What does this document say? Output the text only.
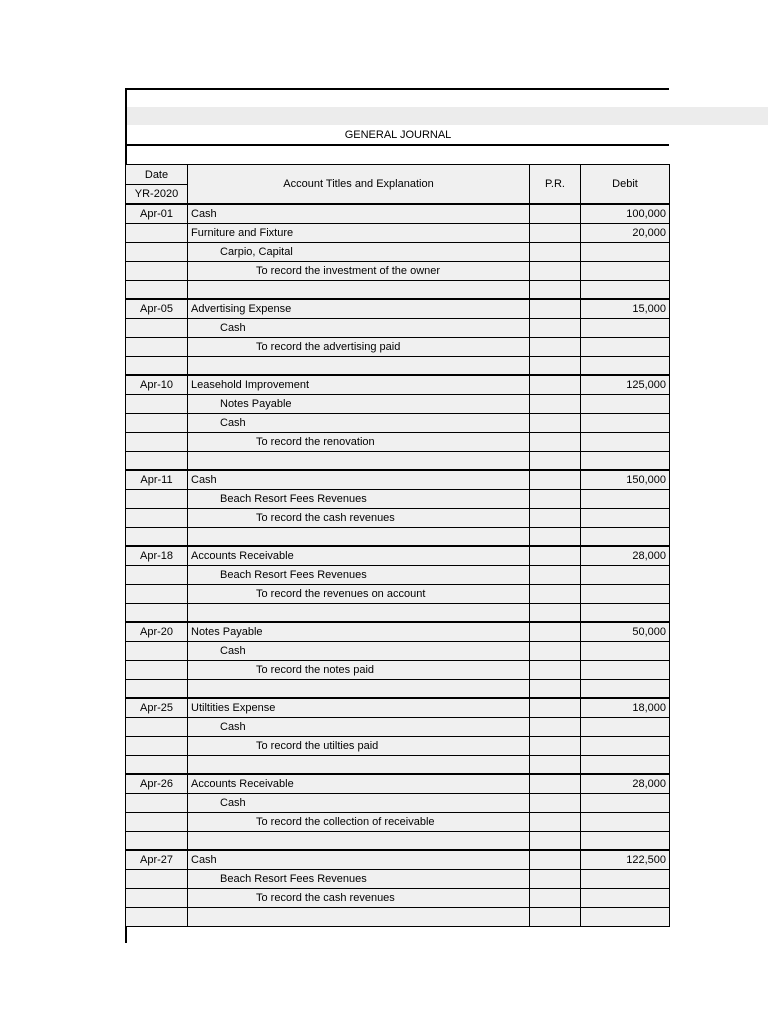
GENERAL JOURNAL
Date	Account Titles and Explanation	P.R.	Debit
YR-2020			
Apr-01	Cash		100,000
	Furniture and Fixture		20,000
	Carpio, Capital		
	To record the investment of the owner		

Apr-05	Advertising Expense		15,000
	Cash		
	To record the advertising paid		

Apr-10	Leasehold Improvement		125,000
	Notes Payable		
	Cash		
	To record the renovation		

Apr-11	Cash		150,000
	Beach Resort Fees Revenues		
	To record the cash revenues		

Apr-18	Accounts Receivable		28,000
	Beach Resort Fees Revenues		
	To record the revenues on account		

Apr-20	Notes Payable		50,000
	Cash		
	To record the notes paid		

Apr-25	Utiltities Expense		18,000
	Cash		
	To record the utilties paid		

Apr-26	Accounts Receivable		28,000
	Cash		
	To record the collection of receivable		

Apr-27	Cash		122,500
	Beach Resort Fees Revenues		
	To record the cash revenues		
